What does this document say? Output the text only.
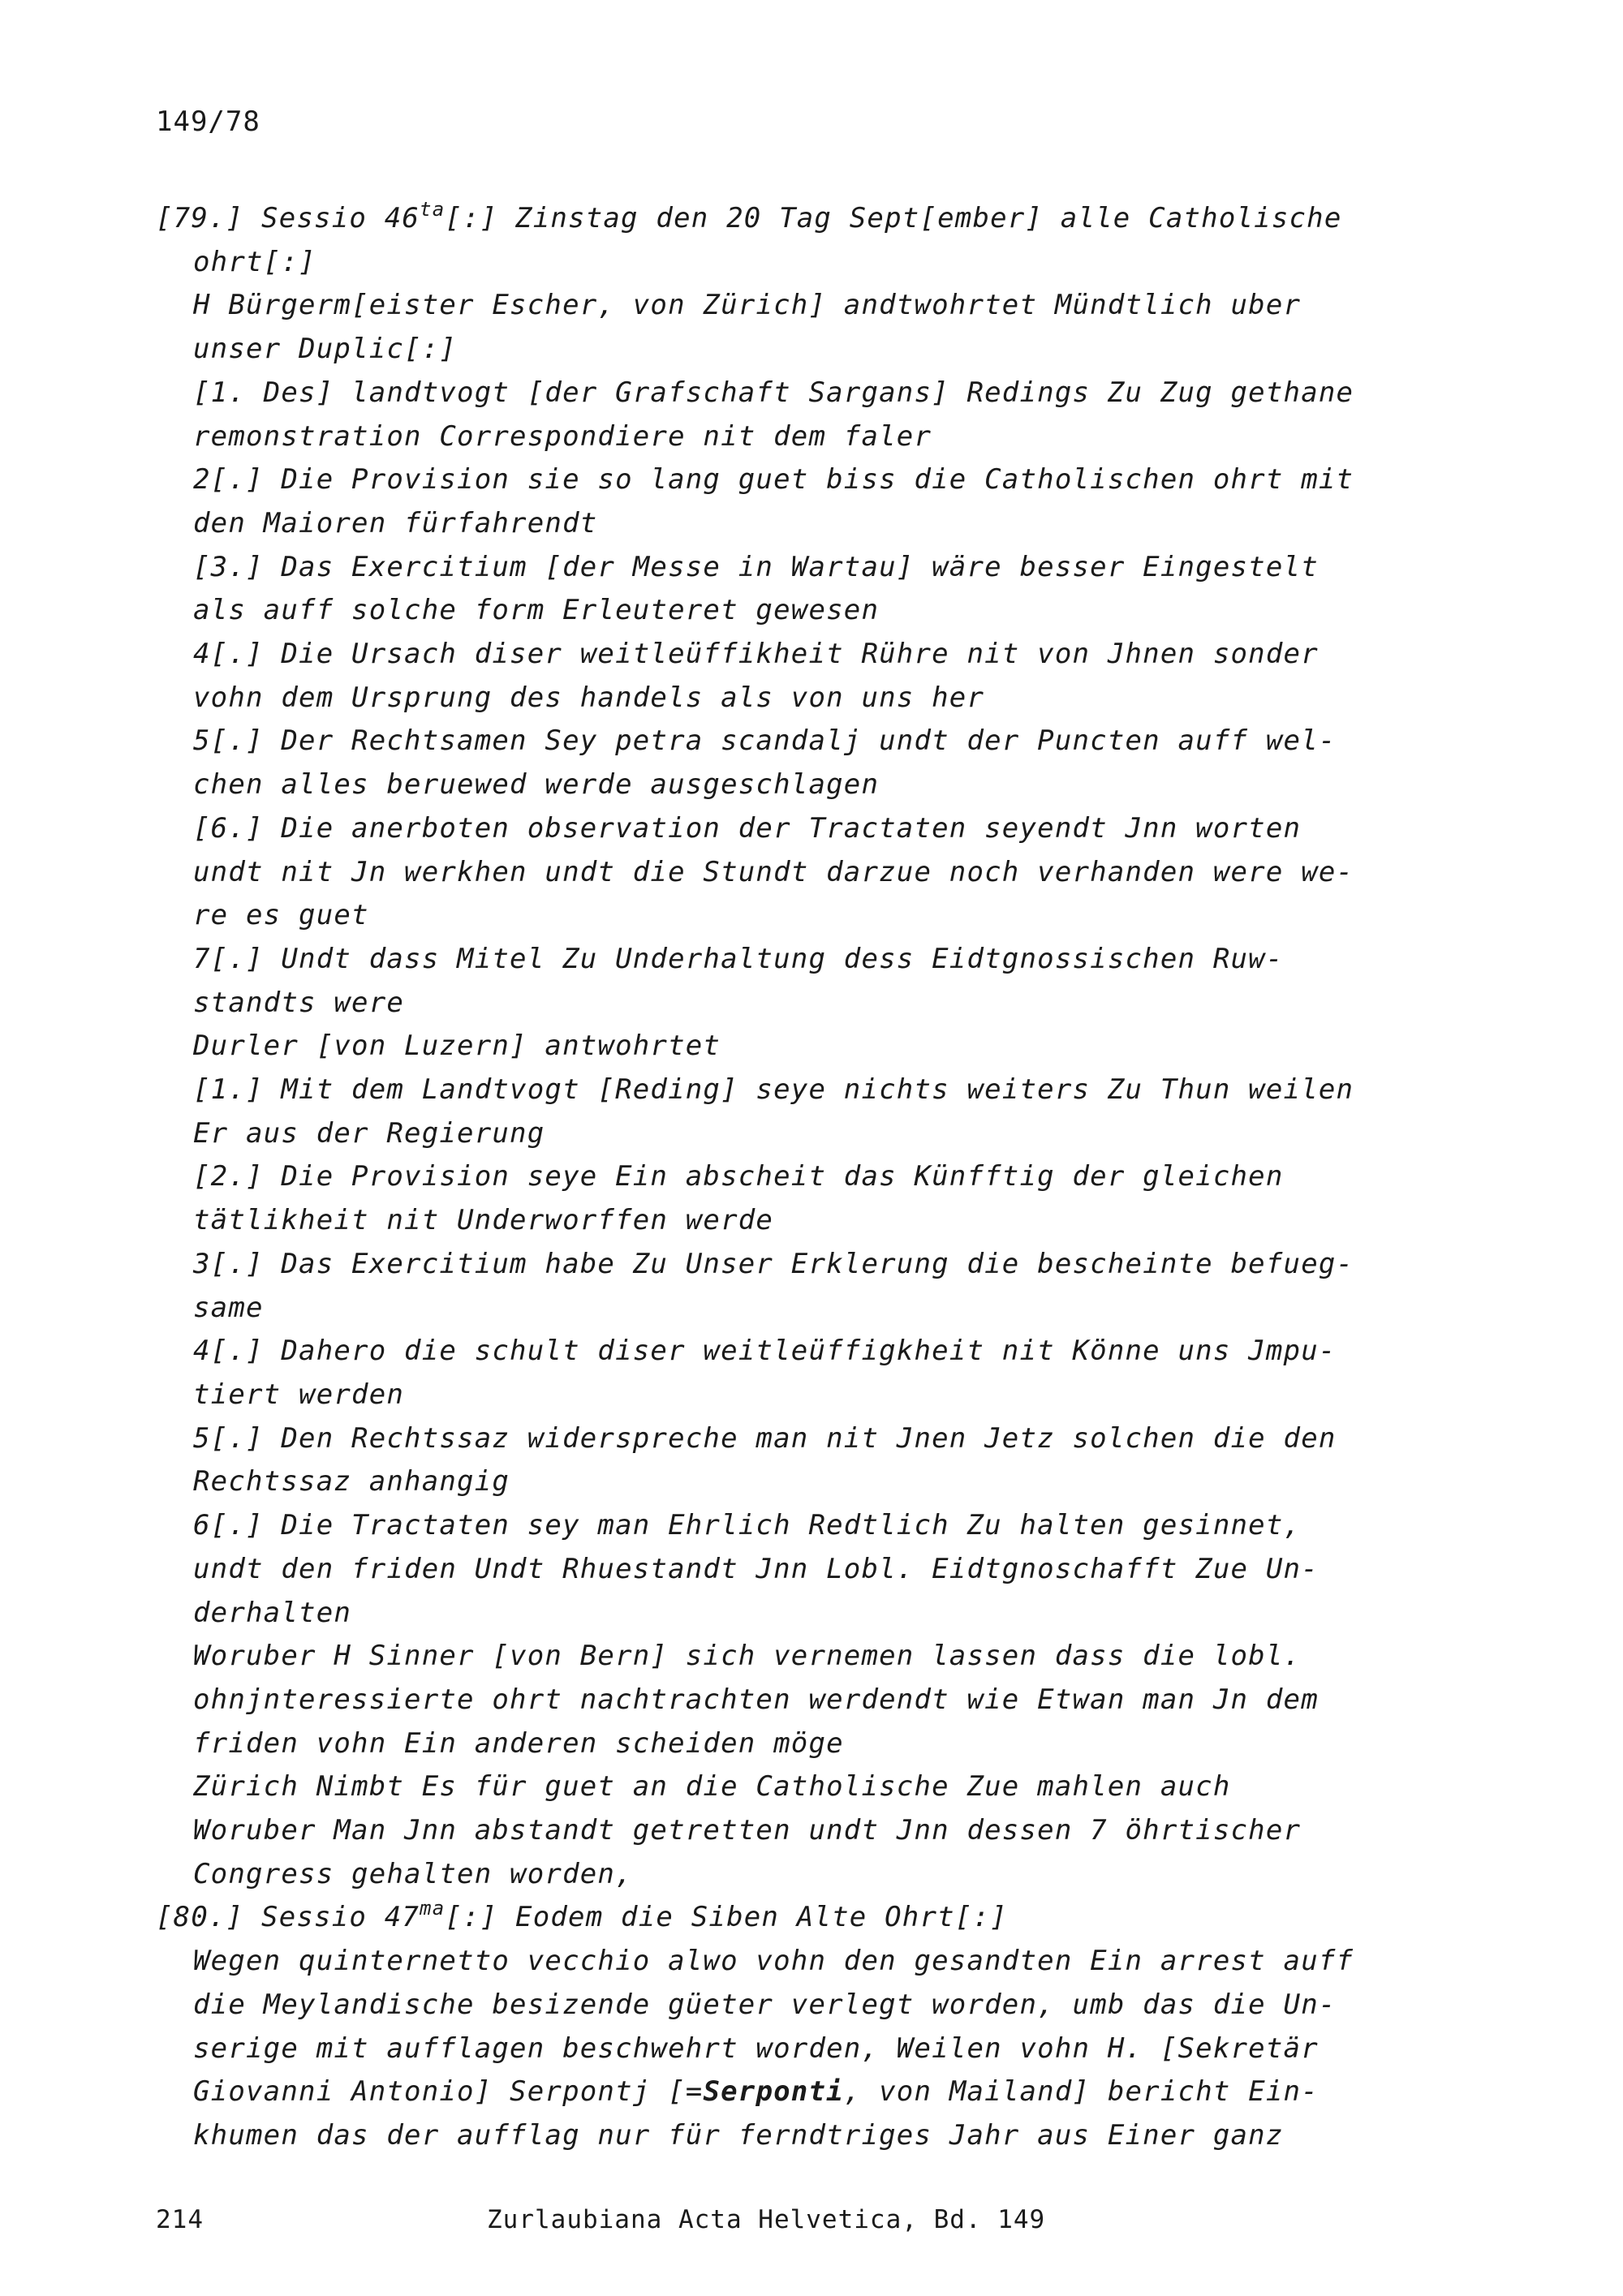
149/78
[79.] Sessio $46^{ta}[:]$ Zinstag den 20 Tag Sept[ember] alle Catholische
ohrt[:]
H Bürgerm[eister Escher, von Zürich] andtwohrtet Mündtlich uber
unser Duplic[:]
[1. Des] landtvogt [der Grafschaft Sargans] Redings Zu Zug gethane
remonstration Correspondiere nit dem faler
2[.] Die Provision sie so lang guet biss die Catholischen ohrt mit
den Maioren fürfahrendt
[3.] Das Exercitium [der Messe in Wartau] wäre besser Eingestelt
als auff solche form Erleuteret gewesen
4[.] Die Ursach diser weitleüffikheit Rühre nit von Jhnen sonder
vohn dem Ursprung des handels als von uns her
5[.] Der Rechtsamen Sey petra scandalj undt der Puncten auff wel-
chen alles beruewed werde ausgeschlagen
[6.] Die anerboten observation der Tractaten seyendt Jnn worten
undt nit Jn werkhen undt die Stundt darzue noch verhanden were we-
re es guet
7[.] Undt dass Mitel Zu Underhaltung dess Eidtgnossischen Ruw-
standts were
Durler [von Luzern] antwohrtet
[1.] Mit dem Landtvogt [Reding] seye nichts weiters Zu Thun weilen
Er aus der Regierung
[2.] Die Provision seye Ein abscheit das Künfftig der gleichen
tätlikheit nit Underworffen werde
3[.] Das Exercitium habe Zu Unser Erklerung die bescheinte befueg-
same
4[.] Dahero die schult diser weitleüffigkheit nit Könne uns Jmpu-
tiert werden
5[.] Den Rechtssaz widerspreche man nit Jnen Jetz solchen die den
Rechtssaz anhangig
6[.] Die Tractaten sey man Ehrlich Redtlich Zu halten gesinnet,
undt den friden Undt Rhuestandt Jnn Lobl. Eidtgnoschafft Zue Un-
derhalten
Woruber H Sinner [von Bern] sich vernemen lassen dass die lobl.
ohnjnteressierte ohrt nachtrachten werdendt wie Etwan man Jn dem
friden vohn Ein anderen scheiden möge
Zürich Nimbt Es für guet an die Catholische Zue mahlen auch
Woruber Man Jnn abstandt getretten undt Jnn dessen 7 öhrtischer
Congress gehalten worden,
[80.] Sessio $47^{ma}[:]$ Eodem die Siben Alte Ohrt[:]
Wegen quinternetto vecchio alwo vohn den gesandten Ein arrest auff
die Meylandische besizende güeter verlegt worden, umb das die Un-
serige mit aufflagen beschwehrt worden, Weilen vohn H. [Sekretär
Giovanni Antonio] Serpontj [=Serponti, von Mailand] bericht Ein-
khumen das der aufflag nur für ferndtriges Jahr aus Einer ganz
214	Zurlaubiana Acta Helvetica, Bd. 149
